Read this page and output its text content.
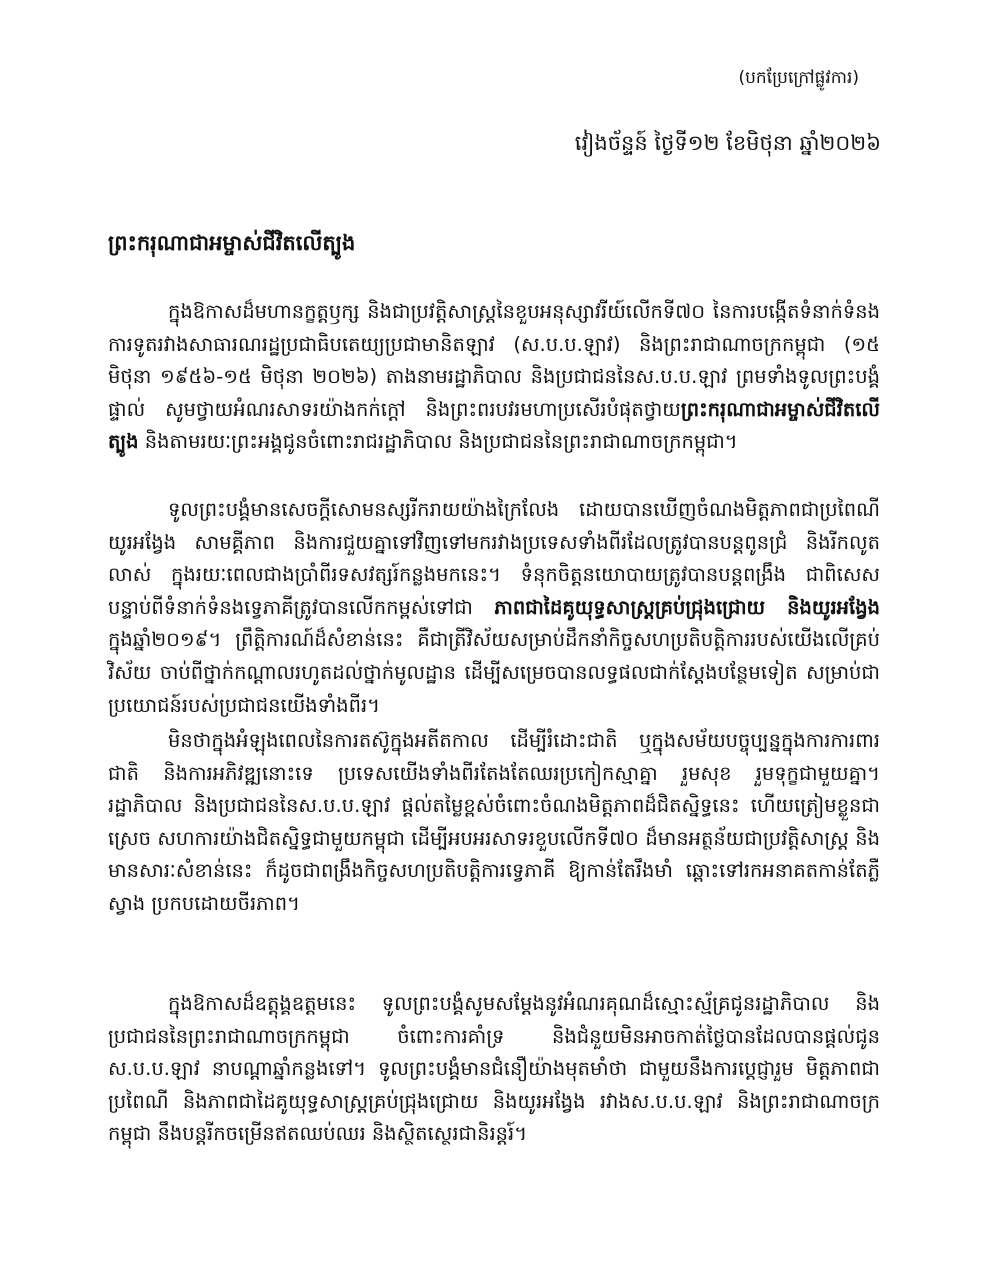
(បកប្រែក្រៅផ្លូវការ)
វៀងច័ន្ទន៍ ថ្ងៃទី១២ ខែមិថុនា ឆ្នាំ២០២៦
ព្រះករុណាជាអម្ចាស់ជីវិតលើត្បូង

ក្នុងឱកាសដ៏មហានក្ខត្តឫក្ស និងជាប្រវត្តិសាស្ត្រនៃខួបអនុស្សាវរីយ៍លើកទី៧០ នៃការបង្កើតទំនាក់ទំនងការទូតរវាងសាធារណរដ្ឋប្រជាធិបតេយ្យប្រជាមានិតឡាវ (ស.ប.ប.ឡាវ) និងព្រះរាជាណាចក្រកម្ពុជា (១៥ មិថុនា ១៩៥៦-១៥ មិថុនា ២០២៦) តាងនាមរដ្ឋាភិបាល និងប្រជាជននៃស.ប.ប.ឡាវ ព្រមទាំងទូលព្រះបង្គំផ្ទាល់ សូមថ្វាយអំណរសាទរយ៉ាងកក់ក្ដៅ និងព្រះពរបវរមហាប្រសើរបំផុតថ្វាយព្រះករុណាជាអម្ចាស់ជីវិតលើត្បូង និងតាមរយៈព្រះអង្គជូនចំពោះរាជរដ្ឋាភិបាល និងប្រជាជននៃព្រះរាជាណាចក្រកម្ពុជា។

ទូលព្រះបង្គំមានសេចក្តីសោមនស្សរីករាយយ៉ាងក្រៃលែង ដោយបានឃើញចំណងមិត្តភាពជាប្រពៃណីយូរអង្វែង សាមគ្គីភាព និងការជួយគ្នាទៅវិញទៅមករវាងប្រទេសទាំងពីរដែលត្រូវបានបន្តពូនជ្រំ និងរីកលូតលាស់ ក្នុងរយៈពេលជាងប្រាំពីរទសវត្សរ៍កន្លងមកនេះ។ ទំនុកចិត្តនយោបាយត្រូវបានបន្តពង្រឹង ជាពិសេសបន្ទាប់ពីទំនាក់ទំនងទ្វេភាគីត្រូវបានលើកកម្ពស់ទៅជា ភាពជាដៃគូយុទ្ធសាស្ត្រគ្រប់ជ្រុងជ្រោយ និងយូរអង្វែង ក្នុងឆ្នាំ២០១៩។ ព្រឹត្តិការណ៍ដ៏សំខាន់នេះ គឺជាត្រីវិស័យសម្រាប់ដឹកនាំកិច្ចសហប្រតិបត្តិការរបស់យើងលើគ្រប់វិស័យ ចាប់ពីថ្នាក់កណ្ដាលរហូតដល់ថ្នាក់មូលដ្ឋាន ដើម្បីសម្រេចបានលទ្ធផលជាក់ស្តែងបន្ថែមទៀត សម្រាប់ជាប្រយោជន៍របស់ប្រជាជនយើងទាំងពីរ។

មិនថាក្នុងអំឡុងពេលនៃការតស៊ូក្នុងអតីតកាល ដើម្បីរំដោះជាតិ ឬក្នុងសម័យបច្ចុប្បន្នក្នុងការការពារជាតិ និងការអភិវឌ្ឍនោះទេ ប្រទេសយើងទាំងពីរតែងតែឈរប្រកៀកស្មាគ្នា រួមសុខ រួមទុក្ខជាមួយគ្នា។ រដ្ឋាភិបាល និងប្រជាជននៃស.ប.ប.ឡាវ ផ្តល់តម្លៃខ្ពស់ចំពោះចំណងមិត្តភាពដ៏ជិតស្និទ្ធនេះ ហើយត្រៀមខ្លួនជាស្រេច សហការយ៉ាងជិតស្និទ្ធជាមួយកម្ពុជា ដើម្បីអបអរសាទរខួបលើកទី៧០ ដ៏មានអត្ថន័យជាប្រវត្តិសាស្ត្រ និងមានសារៈសំខាន់នេះ ក៏ដូចជាពង្រឹងកិច្ចសហប្រតិបត្តិការទ្វេភាគី ឱ្យកាន់តែរឹងមាំ ឆ្ពោះទៅរកអនាគតកាន់តែភ្លឺស្វាង ប្រកបដោយចីរភាព។

ក្នុងឱកាសដ៏ឧត្តុង្គឧត្តមនេះ ទូលព្រះបង្គំសូមសម្ដែងនូវអំណរគុណដ៏ស្មោះស្ម័គ្រជូនរដ្ឋាភិបាល និងប្រជាជននៃព្រះរាជាណាចក្រកម្ពុជា ចំពោះការគាំទ្រ និងជំនួយមិនអាចកាត់ថ្លៃបានដែលបានផ្តល់ជូន ស.ប.ប.ឡាវ នាបណ្ដាឆ្នាំកន្លងទៅ។ ទូលព្រះបង្គំមានជំនឿយ៉ាងមុតមាំថា ជាមួយនឹងការប្ដេជ្ញារួម មិត្តភាពជាប្រពៃណី និងភាពជាដៃគូយុទ្ធសាស្ត្រគ្រប់ជ្រុងជ្រោយ និងយូរអង្វែង រវាងស.ប.ប.ឡាវ និងព្រះរាជាណាចក្រកម្ពុជា នឹងបន្តរីកចម្រើនឥតឈប់ឈរ និងស្ថិតស្ថេរជានិរន្តរ៍។
